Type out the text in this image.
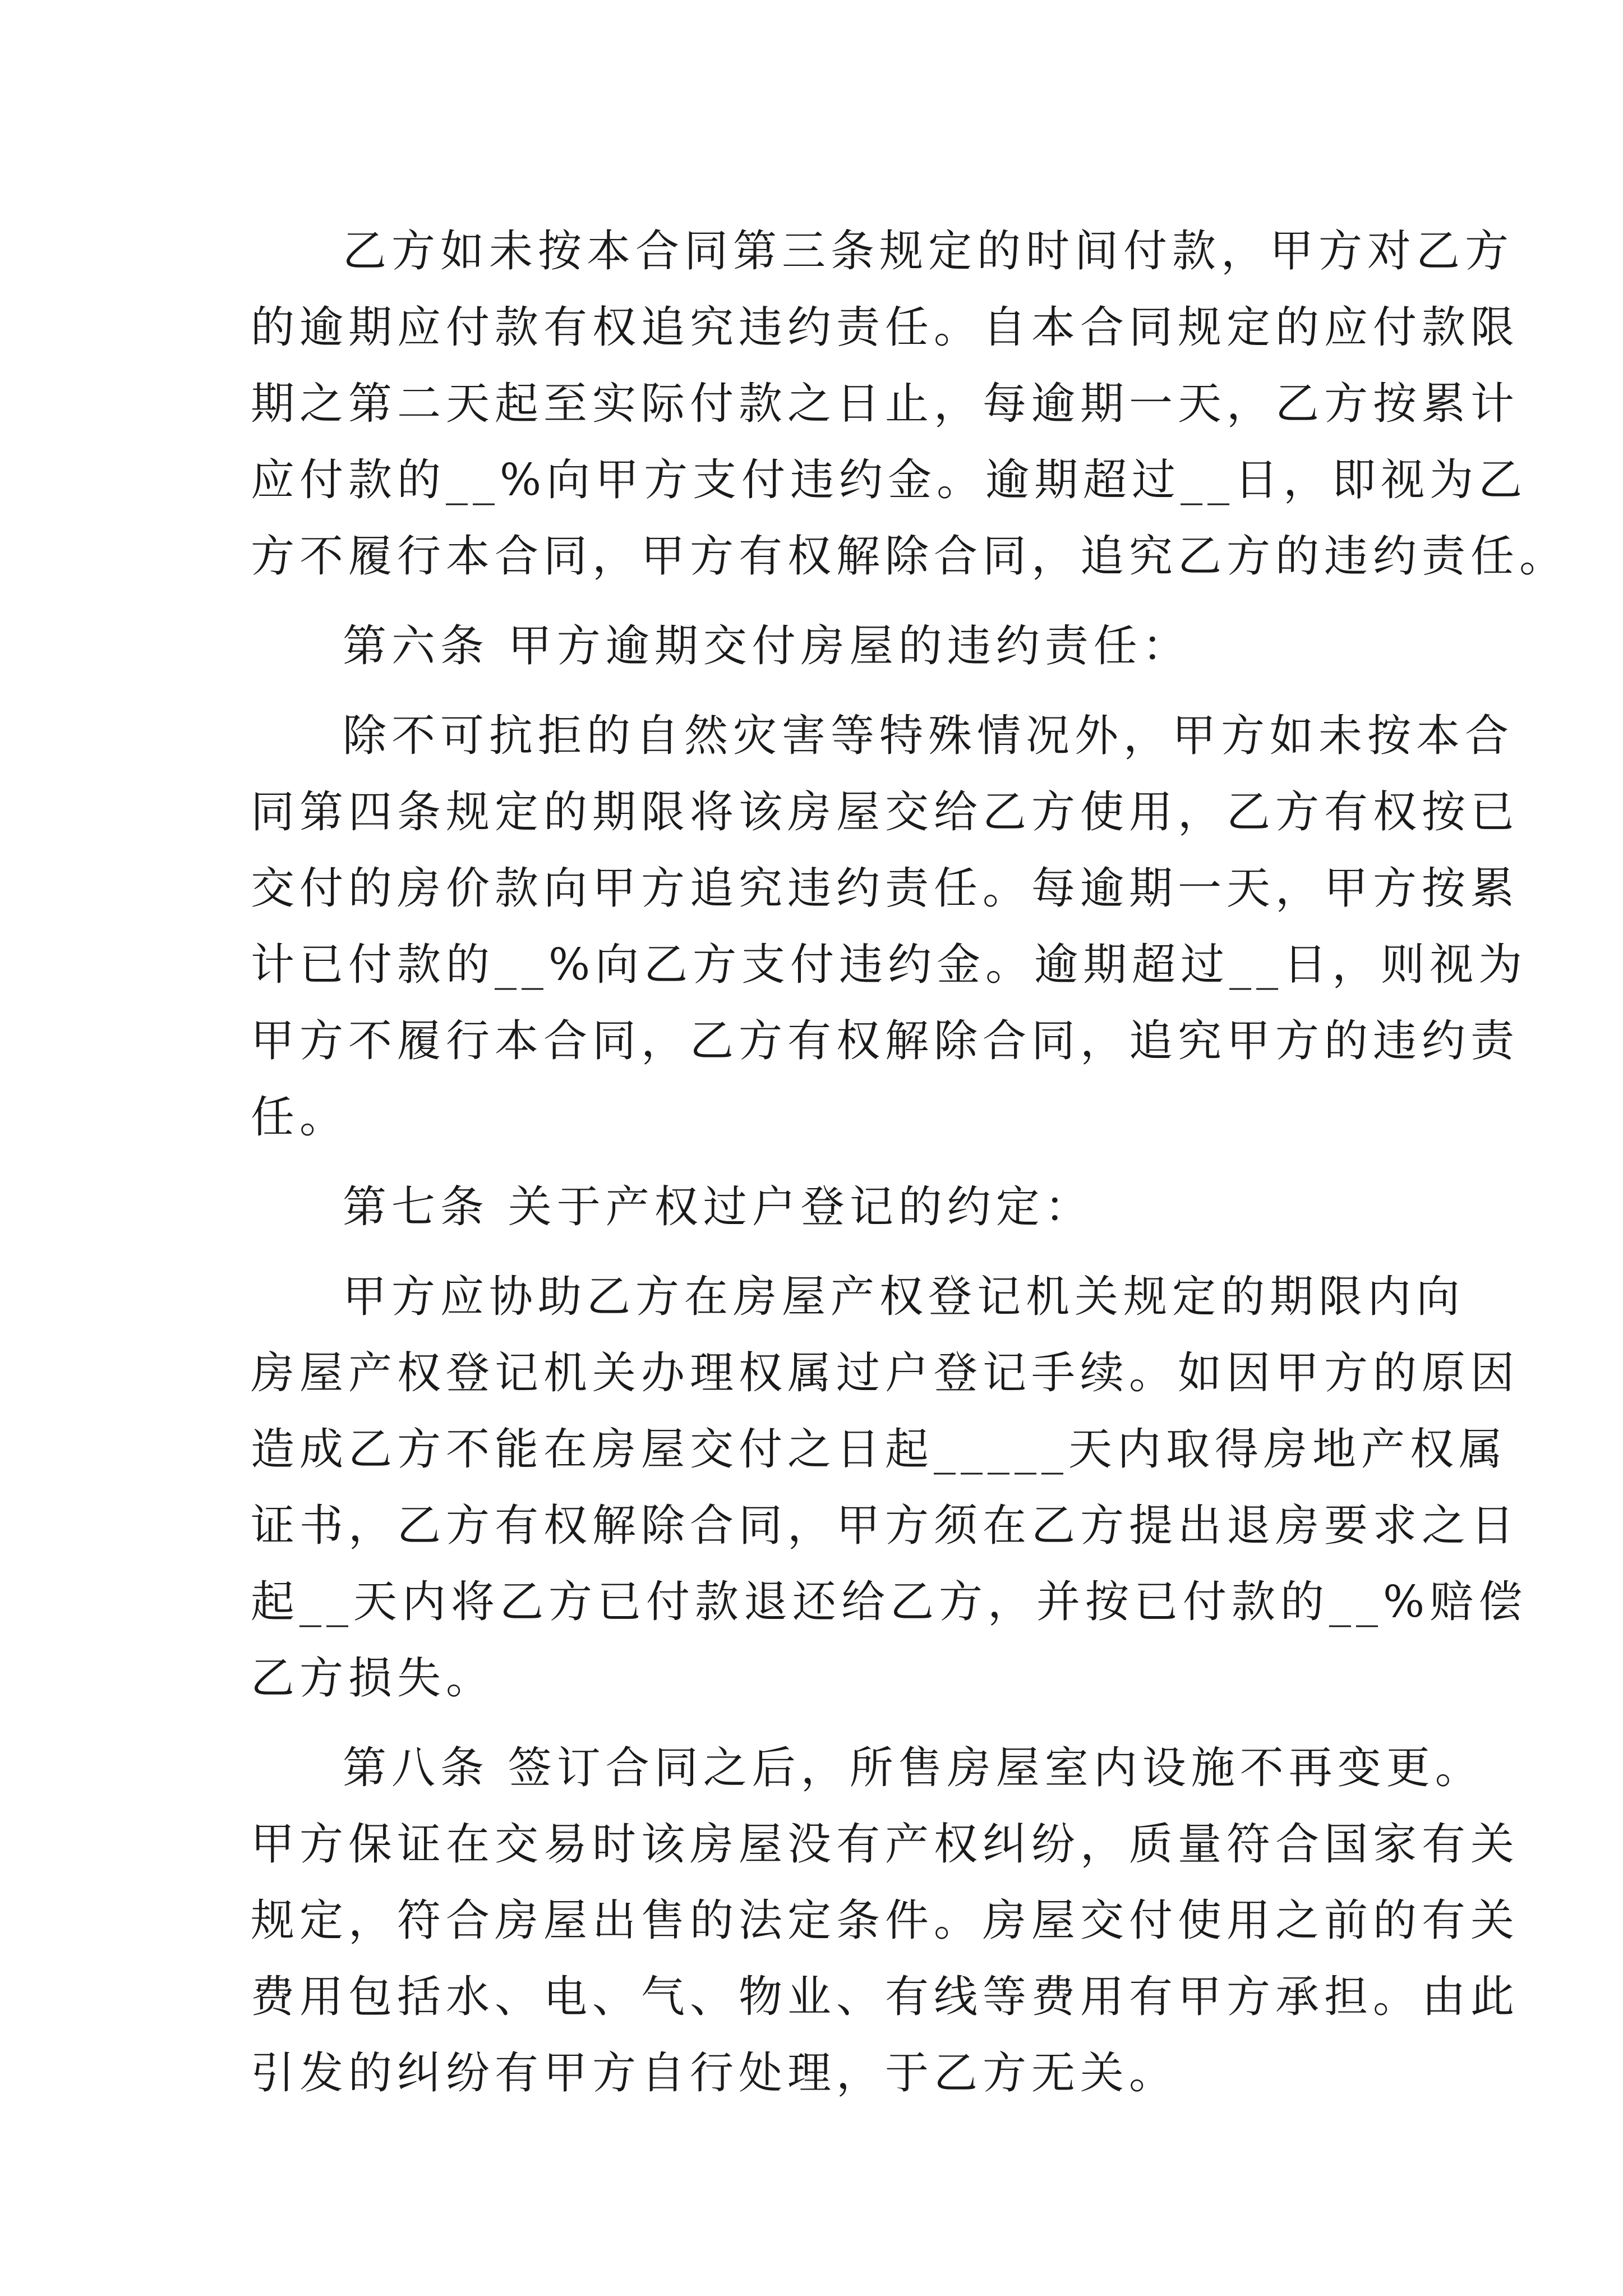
乙方如未按本合同第三条规定的时间付款，甲方对乙方
的逾期应付款有权追究违约责任。自本合同规定的应付款限
期之第二天起至实际付款之日止，每逾期一天，乙方按累计
应付款的__%向甲方支付违约金。逾期超过__日，即视为乙
方不履行本合同，甲方有权解除合同，追究乙方的违约责任。
第六条 甲方逾期交付房屋的违约责任：
除不可抗拒的自然灾害等特殊情况外，甲方如未按本合
同第四条规定的期限将该房屋交给乙方使用，乙方有权按已
交付的房价款向甲方追究违约责任。每逾期一天，甲方按累
计已付款的__%向乙方支付违约金。逾期超过__日，则视为
甲方不履行本合同，乙方有权解除合同，追究甲方的违约责
任。
第七条 关于产权过户登记的约定：
甲方应协助乙方在房屋产权登记机关规定的期限内向
房屋产权登记机关办理权属过户登记手续。如因甲方的原因
造成乙方不能在房屋交付之日起_____天内取得房地产权属
证书，乙方有权解除合同，甲方须在乙方提出退房要求之日
起__天内将乙方已付款退还给乙方，并按已付款的__%赔偿
乙方损失。
第八条 签订合同之后，所售房屋室内设施不再变更。
甲方保证在交易时该房屋没有产权纠纷，质量符合国家有关
规定，符合房屋出售的法定条件。房屋交付使用之前的有关
费用包括水、电、气、物业、有线等费用有甲方承担。由此
引发的纠纷有甲方自行处理，于乙方无关。
